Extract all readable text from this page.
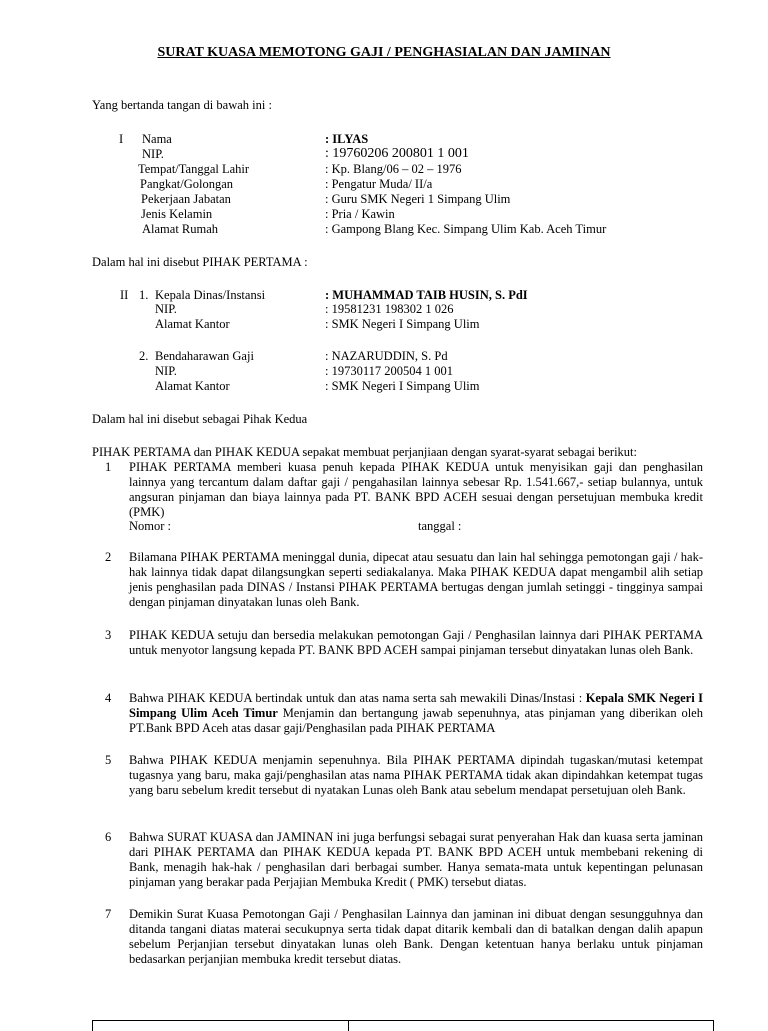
SURAT KUASA MEMOTONG GAJI / PENGHASIALAN DAN JAMINAN
Yang bertanda tangan di bawah ini :
I Nama	: ILYAS
NIP.	: 19760206 200801 1 001
Tempat/Tanggal Lahir	: Kp. Blang/06 – 02 – 1976
Pangkat/Golongan	: Pengatur Muda/ II/a
Pekerjaan Jabatan	: Guru SMK Negeri 1 Simpang Ulim
Jenis Kelamin	: Pria / Kawin
Alamat Rumah	: Gampong Blang Kec. Simpang Ulim Kab. Aceh Timur
Dalam hal ini disebut PIHAK PERTAMA :
II 1. Kepala Dinas/Instansi	: MUHAMMAD TAIB HUSIN, S. PdI
NIP.	: 19581231 198302 1 026
Alamat Kantor	: SMK Negeri I Simpang Ulim
2. Bendaharawan Gaji	: NAZARUDDIN, S. Pd
NIP.	: 19730117 200504 1 001
Alamat Kantor	: SMK Negeri I Simpang Ulim
Dalam hal ini disebut sebagai Pihak Kedua
PIHAK PERTAMA dan PIHAK KEDUA sepakat membuat perjanjiaan dengan syarat-syarat sebagai berikut:
1 PIHAK PERTAMA memberi kuasa penuh kepada PIHAK KEDUA untuk menyisikan gaji dan penghasilan lainnya yang tercantum dalam daftar gaji / pengahasilan lainnya sebesar Rp. 1.541.667,- setiap bulannya, untuk angsuran pinjaman dan biaya lainnya pada PT. BANK BPD ACEH sesuai dengan persetujuan membuka kredit (PMK)
Nomor :	tanggal :
2 Bilamana PIHAK PERTAMA meninggal dunia, dipecat atau sesuatu dan lain hal sehingga pemotongan gaji / hak-hak lainnya tidak dapat dilangsungkan seperti sediakalanya. Maka PIHAK KEDUA dapat mengambil alih setiap jenis penghasilan pada DINAS / Instansi PIHAK PERTAMA bertugas dengan jumlah setinggi - tingginya sampai dengan pinjaman dinyatakan lunas oleh Bank.
3 PIHAK KEDUA setuju dan bersedia melakukan pemotongan Gaji / Penghasilan lainnya dari PIHAK PERTAMA untuk menyotor langsung kepada PT. BANK BPD ACEH sampai pinjaman tersebut dinyatakan lunas oleh Bank.
4 Bahwa PIHAK KEDUA bertindak untuk dan atas nama serta sah mewakili Dinas/Instasi : Kepala SMK Negeri I Simpang Ulim Aceh Timur Menjamin dan bertangung jawab sepenuhnya, atas pinjaman yang diberikan oleh PT.Bank BPD Aceh atas dasar gaji/Penghasilan pada PIHAK PERTAMA
5 Bahwa PIHAK KEDUA menjamin sepenuhnya. Bila PIHAK PERTAMA dipindah tugaskan/mutasi ketempat tugasnya yang baru, maka gaji/penghasilan atas nama PIHAK PERTAMA tidak akan dipindahkan ketempat tugas yang baru sebelum kredit tersebut di nyatakan Lunas oleh Bank atau sebelum mendapat persetujuan oleh Bank.
6 Bahwa SURAT KUASA dan JAMINAN ini juga berfungsi sebagai surat penyerahan Hak dan kuasa serta jaminan dari PIHAK PERTAMA dan PIHAK KEDUA kepada PT. BANK BPD ACEH untuk membebani rekening di Bank, menagih hak-hak / penghasilan dari berbagai sumber. Hanya semata-mata untuk kepentingan pelunasan pinjaman yang berakar pada Perjajian Membuka Kredit ( PMK) tersebut diatas.
7 Demikin Surat Kuasa Pemotongan Gaji / Penghasilan Lainnya dan jaminan ini dibuat dengan sesungguhnya dan ditanda tangani diatas materai secukupnya serta tidak dapat ditarik kembali dan di batalkan dengan dalih apapun sebelum Perjanjian tersebut dinyatakan lunas oleh Bank. Dengan ketentuan hanya berlaku untuk pinjaman bedasarkan perjanjian membuka kredit tersebut diatas.
